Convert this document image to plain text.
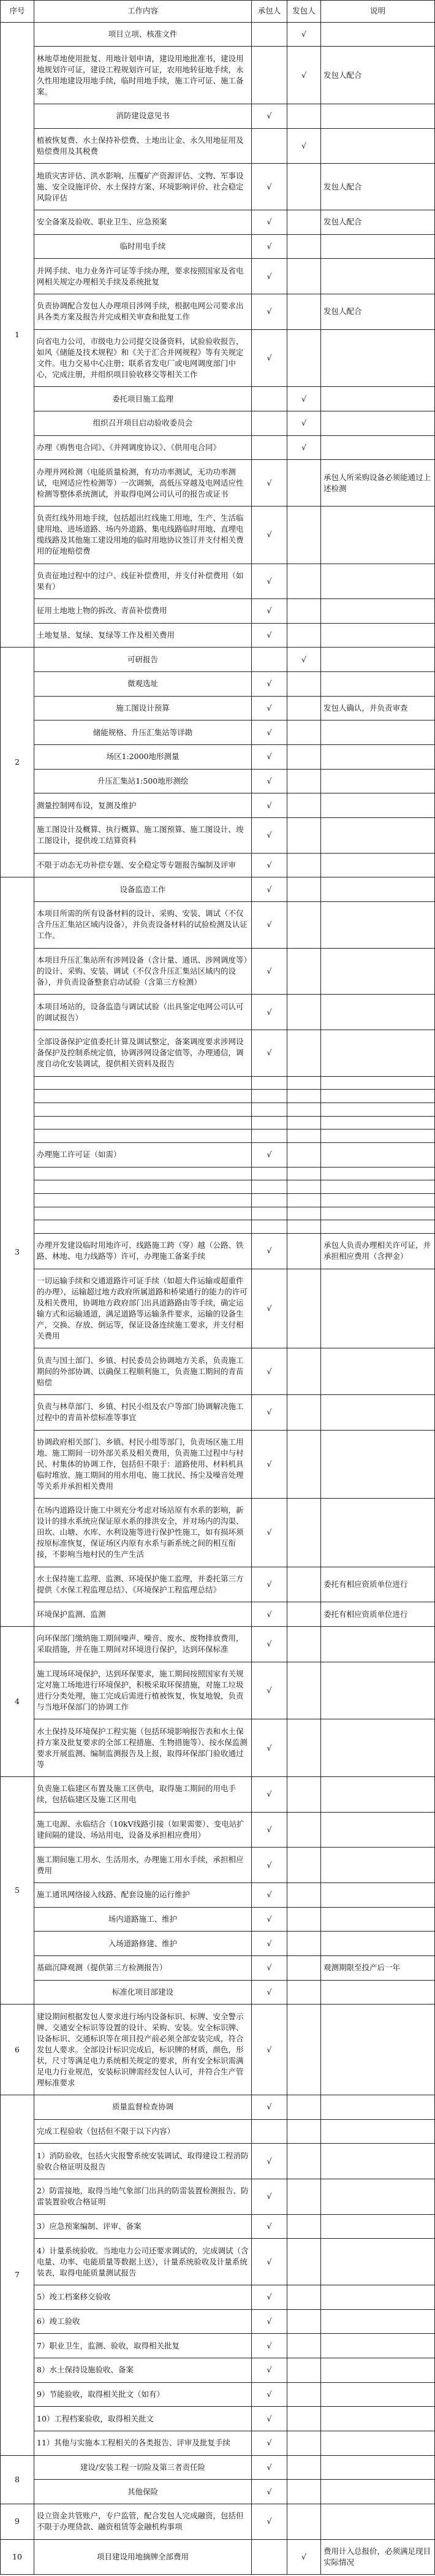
序号	工作内容	承包人	发包人	说明
1	项目立项、核准文件		√	
	林地草地使用批复、用地计划申请，建设用地批准书，建设用地规划许可证，建设工程规划许可证，农用地转征地手续，永久性用地建设用地手续，临时用地手续，施工许可证、施工备案。		√	发包人配合
	消防建设意见书	√		
	植被恢复费、水土保持补偿费、土地出让金、永久用地征用及赔偿费用及其税费		√	
	地质灾害评估、洪水影响、压覆矿产资源评估、文物、军事设施、安全设施评价、水土保持方案、环境影响评价、社会稳定风险评估	√		发包人配合
	安全备案及验收、职业卫生、应急预案	√		发包人配合
	临时用电手续	√		
	并网手续、电力业务许可证等手续办理，要求按照国家及省电网相关规定办理相关手续及系统批复	√		
	负责协调配合发包人办理项目涉网手续，根据电网公司要求出具各类方案及报告并完成相关审查和批复工作	√		发包人配合
	向省电力公司，市级电力公司提交设备资料，试验验收报告，如风《储能及技术规程》和《关于汇合并网规程》等有关规定文件。电力交易中心注册；联系省发电厂或电网调度部门中心，完成注册，并组织项目验收移交等相关工作	√		
	委托项目施工监理		√	
	组织召开项目启动验收委员会		√	
	办理《购售电合同》、《并网调度协议》、《供用电合同》		√	
	办理并网检测（电能质量检测，有功功率测试，无功功率测试，电网适应性检测等）一次调频，高低压穿越及电网适应性检测等整体系统测试，并取得电网公司认可的报告或证书	√		承包人所采购设备必须能通过上述检测
	负责红线外用地手续，包括超出红线施工用地，生产、生活临建用地、进场道路、场内外道路、集电线路临时用地、直埋电缆线路及其他施工建设用地的临时用地协议签订并支付相关费用的征地赔偿费	√		
	负责征地过程中的过户、线征补偿费用，并支付补偿费用（如果有）	√		
	征用土地地上物的拆改、青苗补偿费用	√		
	土地复垦、复绿、复绿等工作及相关费用	√		
2	可研报告		√	
	微观选址	√		
	施工图设计预算	√		发包人确认，并负责审查
	储能规格、升压汇集站等详勘	√		
	场区1:2000地形测量	√		
	升压汇集站1:500地形测绘	√		
	测量控制网布设，复测及维护	√		
	施工图设计及概算、执行概算、施工图预算、施工图设计、竣工图设计，提供竣工结算资料	√		
	不限于动态无功补偿专题、安全稳定等专题报告编制及评审	√		
3	设备监造工作	√		
	本项目所需的所有设备材料的设计、采购、安装、调试（不仅含升压汇集站区域内设备），并负责设备材料的试验检测及认证工作。	√		
	本项目升压汇集站所有涉网设备（含计量、通讯、涉网调度等）的设计、采购、安装、调试（不仅含升压汇集站区域内的设备），并负责设备整套启动试验（含第三方检测）	√		
	本项目场站的，设备监造与调试试验（出具鉴定电网公司认可的调试报告）	√		
	全部设备保护定值委托计算及调试整定，备案调度要求涉网设备保护及控制系统定值，协调涉网设备定值等，办理通信，调度自动化安装调试，提供相关资料及报告	√		

	办理施工许可证（如需）	√		

	办理开发建设临时用地许可、线路施工跨（穿）越（公路、铁路、林地、电力线路等）许可，办理施工备案手续	√		承包人负责办理相关许可证，并承担相应费用（含押金）
	一切运输手续和交通道路许可证手续（如超大件运输或超重件的办理），运输超过地方政府所属道路和桥梁通行的能力的许可及相关费用，协调地方政府部门出具道路路由等手续，确定运输方式和运输通道，满足道路等运输条件要求，运输的设备生产，交换、存放、倒运等，保证设备连续施工要求，并支付相关费用	√		
	负责与国土部门、乡镇、村民委员会协调地方关系，负责施工期间的外部协调、以确保工程顺利施工，负责施工期间的青苗赔偿	√		
	负责与林草部门、乡镇、村民小组及农户等部门协调解决施工过程中的青苗补偿标准等事宜	√		
	协调政府相关部门、乡镇、村民小组等部门，负责场区施工用地、施工期间一切外部关系及相关费用，负责施工过程中与村民、村集体的协调工作，包括但不限于：道路使用、材料机具临时堆放、施工期间的用水用电、施工扰民、扬尘及噪音处理等关系并承担相关费用	√		
	在场内道路设计施工中须充分考虑对场站原有水系的影响，新设计的排水系统应保证原水系的排洪安全，并对场内的沟渠、田坎、山塘、水库、水利设施等进行保护性施工，如有损坏须按原标准恢复，保证场区内原有水系与新系统之间的相互衔接，不影响当地村民的生产生活	√		
	水土保持施工监理、监测、环境保护施工监理，并委托第三方提供《水保工程监理总结》、《环境保护工程监理总结》	√		委托有相应资质单位进行
	环境保护监测、监测	√		委托有相应资质单位进行
4	向环保部门缴纳施工期间噪声、噪音、废水、废物排放费用，采取措施，并在施工期间对环境进行保护，达到环保标准	√		
	施工现场环境保护，达到环保要求，施工期间按照国家有关规定对施工场地进行环境保护，积极采取环保措施，对施工垃圾进行分类处理，施工完成后需进行植被恢复，恢复地貌，负责与当地环保部门的协调工作	√		
	水土保持及环境保护工程实施（包括环境影响报告表和水土保持方案及批复要求的全部工程措施、生物措施等）、按水保监测要求开展监测、编制监测报告及上报，取得环保部门验收通过等	√		
5	负责施工临建区布置及施工区供电，取得施工期间的用电手续，包括临建区及施工区用电	√		
	施工电源、永临结合（10kV线路引接（如果需要）、变电站扩建间隔的建设、场站用电，设备及承担相应费用）	√		
	施工期间施工用水、生活用水，办理施工用水手续，承担相应费用	√		
	施工通讯网络接入线路、配套设施的运行维护	√		
	场内道路施工、维护	√		
	入场道路修建、维护	√		
	基础沉降观测（提供第三方检测报告）	√		观测期限至投产后一年
	标准化项目部建设	√		
6	建设期间根据发包人要求进行场内设备标识、标牌、安全警示牌、交通安全标识等设置的设计、采购、安装。安全标识牌、设备标识、交通标识等在项目投产前必须全部安装完成，符合发包人要求。全部设计标识完成后，标识牌的材质，颜色，形状，尺寸等满足电力系统相关规定的要求，所有安全标识需满足电力行业规范，安装标识牌需经发包人认可，并符合生产管理标准要求	√		
7	质量监督检查协调	√		
	完成工程验收（包括但不限于以下内容）			
	1）消防验收，包括火灾报警系统安装调试、取得建设工程消防验收合格证明及报告	√		
	2）防雷接地，取得当地气象部门出具的防雷装置检测报告、防雷装置验收合格证明	√		
	3）应急预案编制、评审、备案	√		
	4）计量系统验收。当地电力公司还要求调试的，完成调试（含电量、功率、电能质量等数据上送），计量系统验收及计量系统装表，取得电能质量测试报告	√		
	5）竣工档案移交验收	√		
	6）竣工验收	√		
	7）职业卫生，监测、验收，取得相关批复	√		
	8）水土保持设施验收、备案	√		
	9）节能验收，取得相关批文（如有）	√		
	10）工程档案验收，取得相关批文	√		
	11）其他与实施本工程相关的各类报告、评审及批复手续	√		
8	建设/安装工程一切险及第三者责任险	√		
	其他保险	√		
9	设立资金共管账户，专户监管，配合发包人完成融资，包括但不限于办理贷款、融资租赁等金融机构事项	√		
10	项目建设用地摘牌全部费用		√	费用计入总报价，必须满足现目实际情况
